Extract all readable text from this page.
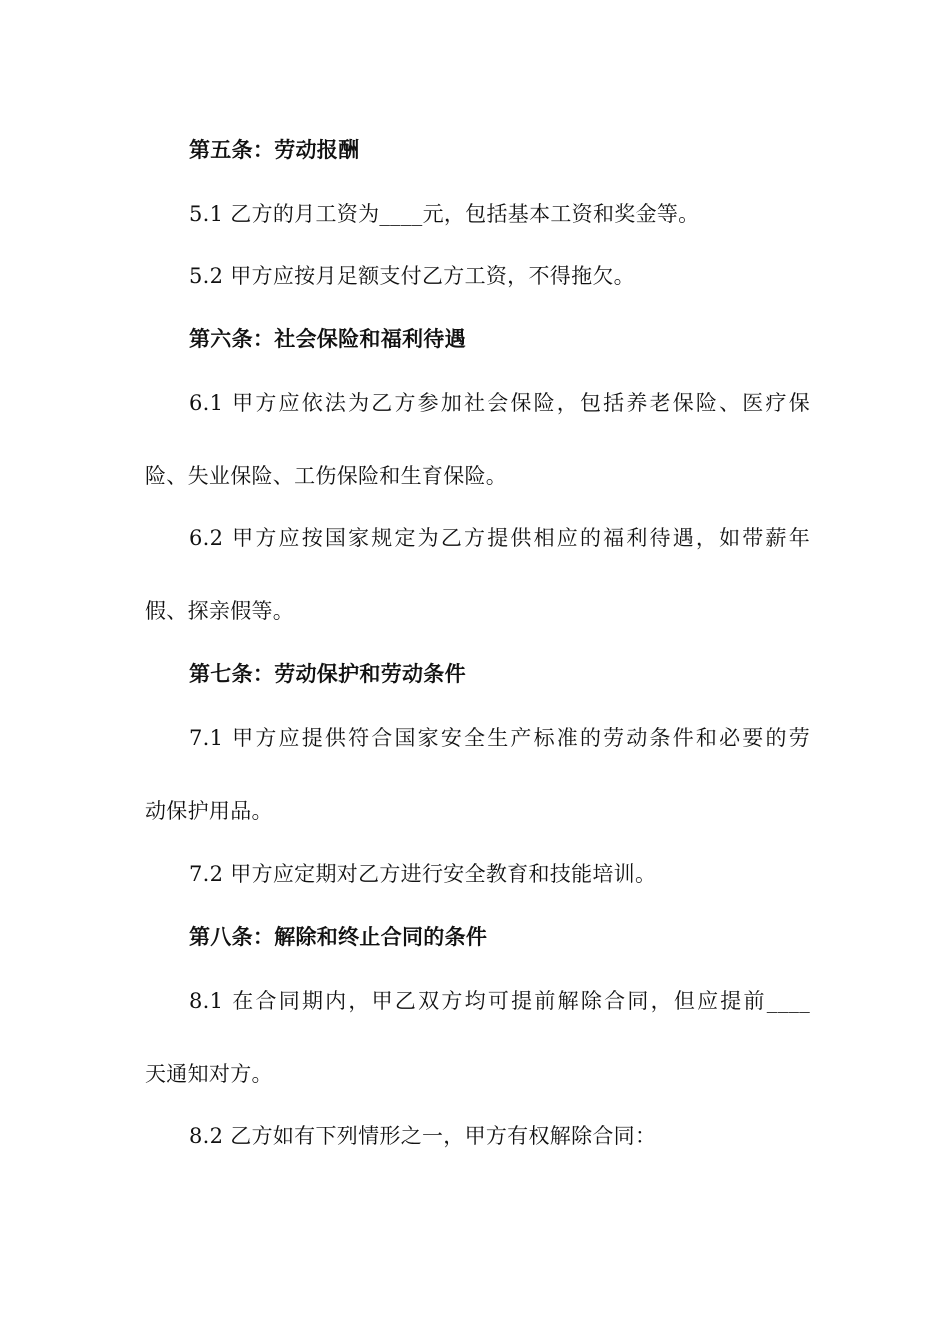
第五条：劳动报酬
5.1 乙方的月工资为____元，包括基本工资和奖金等。
5.2 甲方应按月足额支付乙方工资，不得拖欠。
第六条：社会保险和福利待遇
6.1 甲方应依法为乙方参加社会保险，包括养老保险、医疗保
险、失业保险、工伤保险和生育保险。
6.2 甲方应按国家规定为乙方提供相应的福利待遇，如带薪年
假、探亲假等。
第七条：劳动保护和劳动条件
7.1 甲方应提供符合国家安全生产标准的劳动条件和必要的劳
动保护用品。
7.2 甲方应定期对乙方进行安全教育和技能培训。
第八条：解除和终止合同的条件
8.1 在合同期内，甲乙双方均可提前解除合同，但应提前____
天通知对方。
8.2 乙方如有下列情形之一，甲方有权解除合同：
